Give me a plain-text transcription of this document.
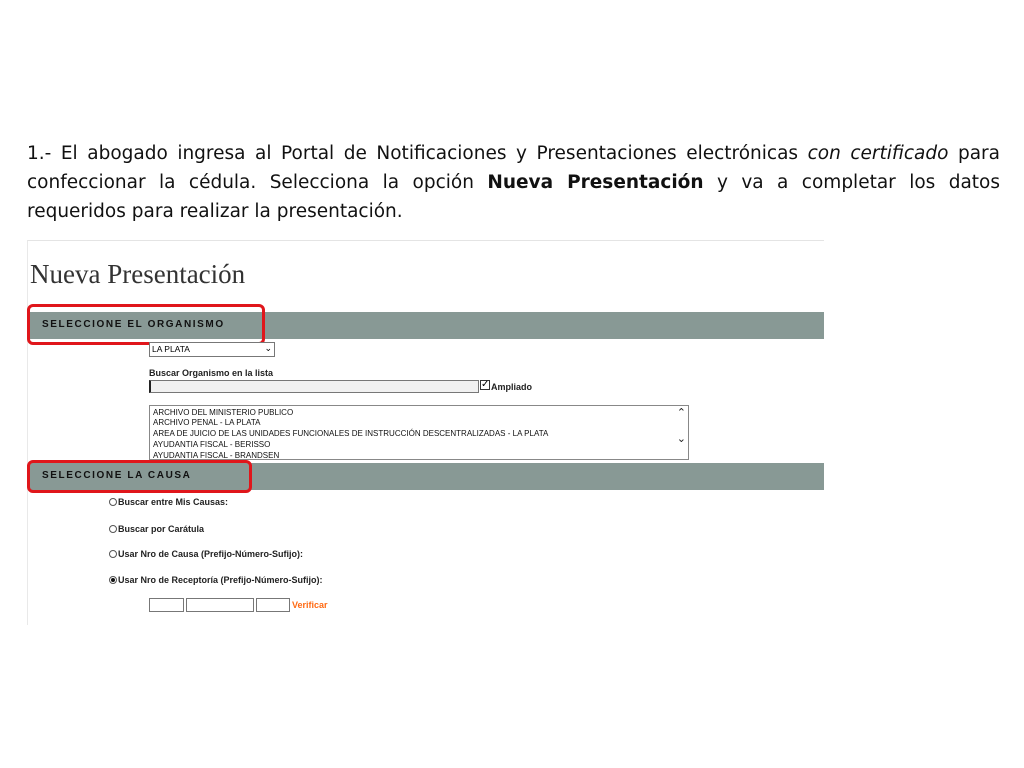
1.- El abogado ingresa al Portal de Notificaciones y Presentaciones electrónicas con certificado para confeccionar la cédula. Selecciona la opción Nueva Presentación y va a completar los datos requeridos para realizar la presentación.
Nueva Presentación
SELECCIONE EL ORGANISMO
LA PLATA	⌄
Buscar Organismo en la lista
✓ Ampliado
ARCHIVO DEL MINISTERIO PUBLICO
ARCHIVO PENAL - LA PLATA
AREA DE JUICIO DE LAS UNIDADES FUNCIONALES DE INSTRUCCIÓN DESCENTRALIZADAS - LA PLATA
AYUDANTIA FISCAL - BERISSO
AYUDANTIA FISCAL - BRANDSEN
⌃
⌄
SELECCIONE LA CAUSA
Buscar entre Mis Causas:
Buscar por Carátula
Usar Nro de Causa (Prefijo-Número-Sufijo):
Usar Nro de Receptoría (Prefijo-Número-Sufijo):
Verificar
